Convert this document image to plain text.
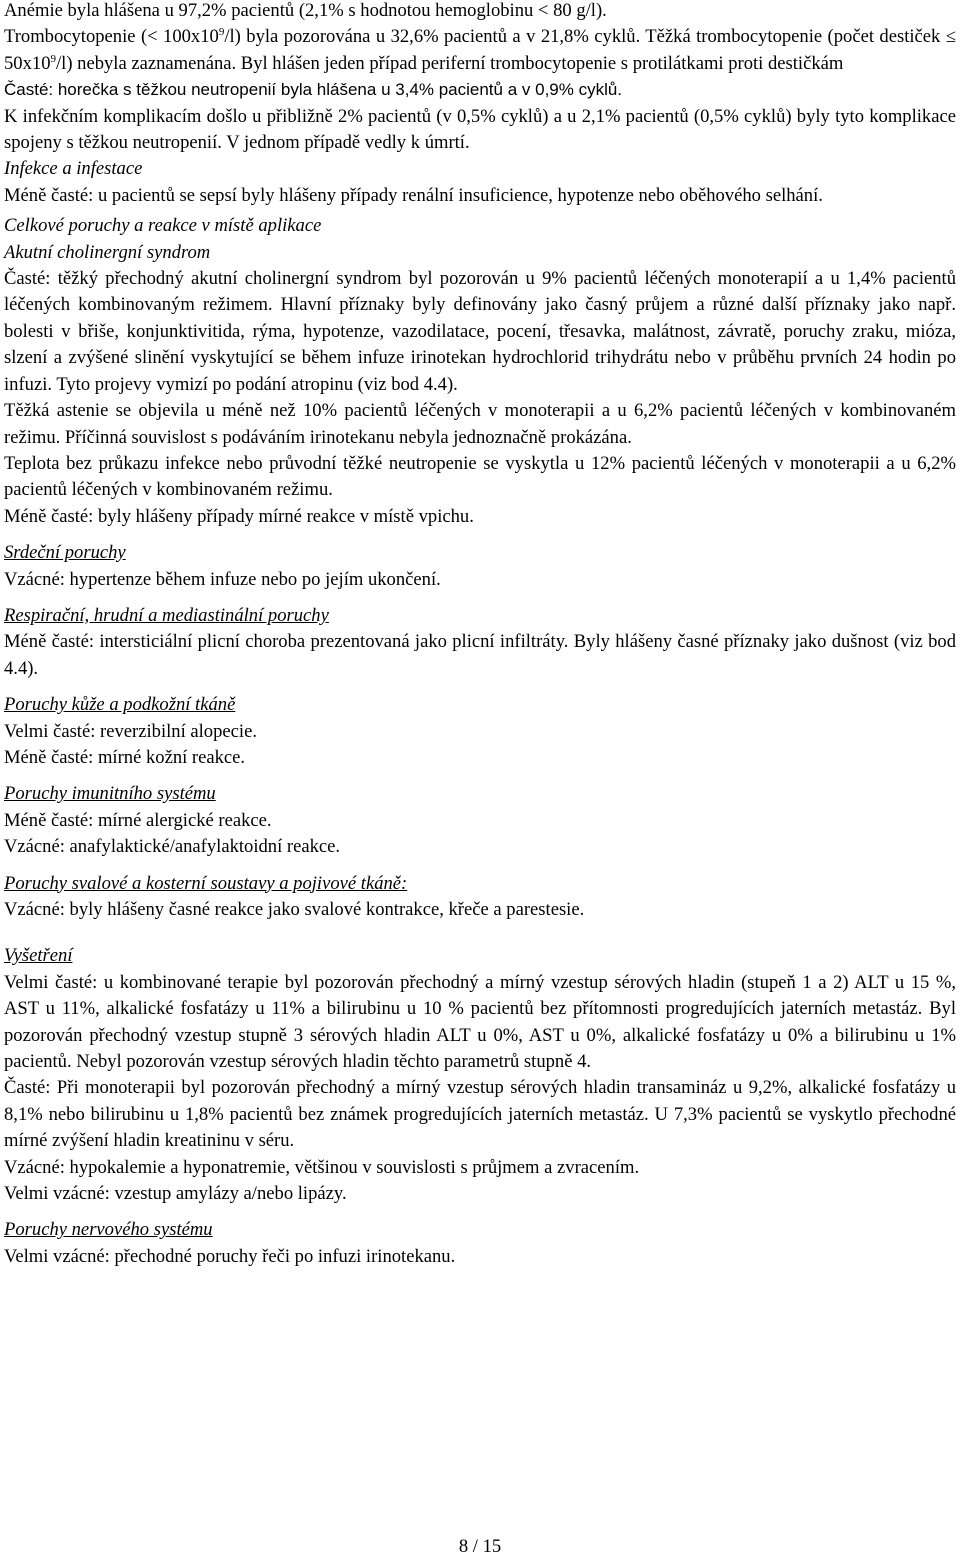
Anémie byla hlášena u 97,2% pacientů (2,1% s hodnotou hemoglobinu < 80 g/l).

Trombocytopenie (< $100x10^9/l$) byla pozorována u 32,6% pacientů a v 21,8% cyklů. Těžká trombocytopenie (počet destiček ≤ $50x10^9/l$) nebyla zaznamenána. Byl hlášen jeden případ periferní trombocytopenie s protilátkami proti destičkám

Časté: horečka s těžkou neutropenií byla hlášena u 3,4% pacientů a v 0,9% cyklů.

K infekčním komplikacím došlo u přibližně 2% pacientů (v 0,5% cyklů) a u 2,1% pacientů (0,5% cyklů) byly tyto komplikace spojeny s těžkou neutropenií. V jednom případě vedly k úmrtí.

Infekce a infestace

Méně časté: u pacientů se sepsí byly hlášeny případy renální insuficience, hypotenze nebo oběhového selhání.

Celkové poruchy a reakce v místě aplikace

Akutní cholinergní syndrom

Časté: těžký přechodný akutní cholinergní syndrom byl pozorován u 9% pacientů léčených monoterapií a u 1,4% pacientů léčených kombinovaným režimem. Hlavní příznaky byly definovány jako časný průjem a různé další příznaky jako např. bolesti v břiše, konjunktivitida, rýma, hypotenze, vazodilatace, pocení, třesavka, malátnost, závratě, poruchy zraku, mióza, slzení a zvýšené slinění vyskytující se během infuze irinotekan hydrochlorid trihydrátu nebo v průběhu prvních 24 hodin po infuzi. Tyto projevy vymizí po podání atropinu (viz bod 4.4).

Těžká astenie se objevila u méně než 10% pacientů léčených v monoterapii a u 6,2% pacientů léčených v kombinovaném režimu. Příčinná souvislost s podáváním irinotekanu nebyla jednoznačně prokázána.

Teplota bez průkazu infekce nebo průvodní těžké neutropenie se vyskytla u 12% pacientů léčených v monoterapii a u 6,2% pacientů léčených v kombinovaném režimu.

Méně časté: byly hlášeny případy mírné reakce v místě vpichu.

Srdeční poruchy

Vzácné: hypertenze během infuze nebo po jejím ukončení.

Respirační, hrudní a mediastinální poruchy

Méně časté: intersticiální plicní choroba prezentovaná jako plicní infiltráty. Byly hlášeny časné příznaky jako dušnost (viz bod 4.4).

Poruchy kůže a podkožní tkáně

Velmi časté: reverzibilní alopecie.

Méně časté: mírné kožní reakce.

Poruchy imunitního systému

Méně časté: mírné alergické reakce.

Vzácné: anafylaktické/anafylaktoidní reakce.

Poruchy svalové a kosterní soustavy a pojivové tkáně:

Vzácné: byly hlášeny časné reakce jako svalové kontrakce, křeče a parestesie.

Vyšetření

Velmi časté: u kombinované terapie byl pozorován přechodný a mírný vzestup sérových hladin (stupeň 1 a 2) ALT u 15 %, AST u 11%, alkalické fosfatázy u 11% a bilirubinu u 10 % pacientů bez přítomnosti progredujících jaterních metastáz. Byl pozorován přechodný vzestup stupně 3 sérových hladin ALT u 0%, AST u 0%, alkalické fosfatázy u 0% a bilirubinu u 1% pacientů. Nebyl pozorován vzestup sérových hladin těchto parametrů stupně 4.

Časté: Při monoterapii byl pozorován přechodný a mírný vzestup sérových hladin transamináz u 9,2%, alkalické fosfatázy u 8,1% nebo bilirubinu u 1,8% pacientů bez známek progredujících jaterních metastáz. U 7,3% pacientů se vyskytlo přechodné mírné zvýšení hladin kreatininu v séru.

Vzácné: hypokalemie a hyponatremie, většinou v souvislosti s průjmem a zvracením.

Velmi vzácné: vzestup amylázy a/nebo lipázy.

Poruchy nervového systému

Velmi vzácné: přechodné poruchy řeči po infuzi irinotekanu.

8 / 15
